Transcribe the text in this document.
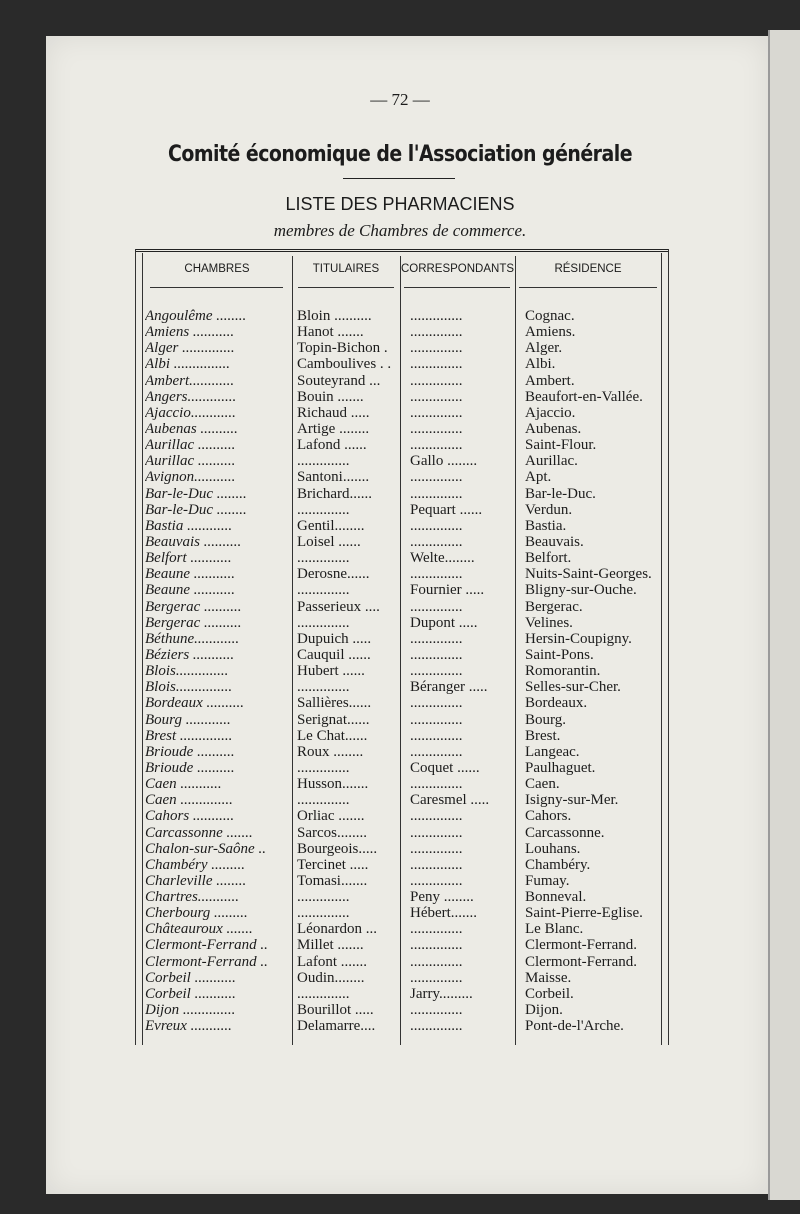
— 72 —
Comité économique de l'Association générale
LISTE DES PHARMACIENS
membres de Chambres de commerce.
CHAMBRES	TITULAIRES	CORRESPONDANTS	RÉSIDENCE
Angoulême ........	Bloin ..........	..............	Cognac.
Amiens ...........	Hanot .......	..............	Amiens.
Alger ..............	Topin-Bichon .	..............	Alger.
Albi ...............	Camboulives . .	..............	Albi.
Ambert............	Souteyrand ...	..............	Ambert.
Angers.............	Bouin .......	..............	Beaufort-en-Vallée.
Ajaccio............	Richaud .....	..............	Ajaccio.
Aubenas ..........	Artige ........	..............	Aubenas.
Aurillac ..........	Lafond ......	..............	Saint-Flour.
Aurillac ..........	..............	Gallo ........	Aurillac.
Avignon...........	Santoni.......	..............	Apt.
Bar-le-Duc ........	Brichard......	..............	Bar-le-Duc.
Bar-le-Duc ........	..............	Pequart ......	Verdun.
Bastia ............	Gentil........	..............	Bastia.
Beauvais ..........	Loisel ......	..............	Beauvais.
Belfort ...........	..............	Welte........	Belfort.
Beaune ...........	Derosne......	..............	Nuits-Saint-Georges.
Beaune ...........	..............	Fournier .....	Bligny-sur-Ouche.
Bergerac ..........	Passerieux ....	..............	Bergerac.
Bergerac ..........	..............	Dupont .....	Velines.
Béthune............	Dupuich .....	..............	Hersin-Coupigny.
Béziers ...........	Cauquil ......	..............	Saint-Pons.
Blois..............	Hubert ......	..............	Romorantin.
Blois...............	..............	Béranger .....	Selles-sur-Cher.
Bordeaux ..........	Sallières......	..............	Bordeaux.
Bourg ............	Serignat......	..............	Bourg.
Brest ..............	Le Chat......	..............	Brest.
Brioude ..........	Roux ........	..............	Langeac.
Brioude ..........	..............	Coquet ......	Paulhaguet.
Caen ...........	Husson.......	..............	Caen.
Caen ..............	..............	Caresmel .....	Isigny-sur-Mer.
Cahors ...........	Orliac .......	..............	Cahors.
Carcassonne .......	Sarcos........	..............	Carcassonne.
Chalon-sur-Saône ..	Bourgeois.....	..............	Louhans.
Chambéry .........	Tercinet .....	..............	Chambéry.
Charleville ........	Tomasi.......	..............	Fumay.
Chartres...........	..............	Peny ........	Bonneval.
Cherbourg .........	..............	Hébert.......	Saint-Pierre-Eglise.
Châteauroux .......	Léonardon ...	..............	Le Blanc.
Clermont-Ferrand ..	Millet .......	..............	Clermont-Ferrand.
Clermont-Ferrand ..	Lafont .......	..............	Clermont-Ferrand.
Corbeil ...........	Oudin........	..............	Maisse.
Corbeil ...........	..............	Jarry.........	Corbeil.
Dijon ..............	Bourillot .....	..............	Dijon.
Evreux ...........	Delamarre....	..............	Pont-de-l'Arche.
